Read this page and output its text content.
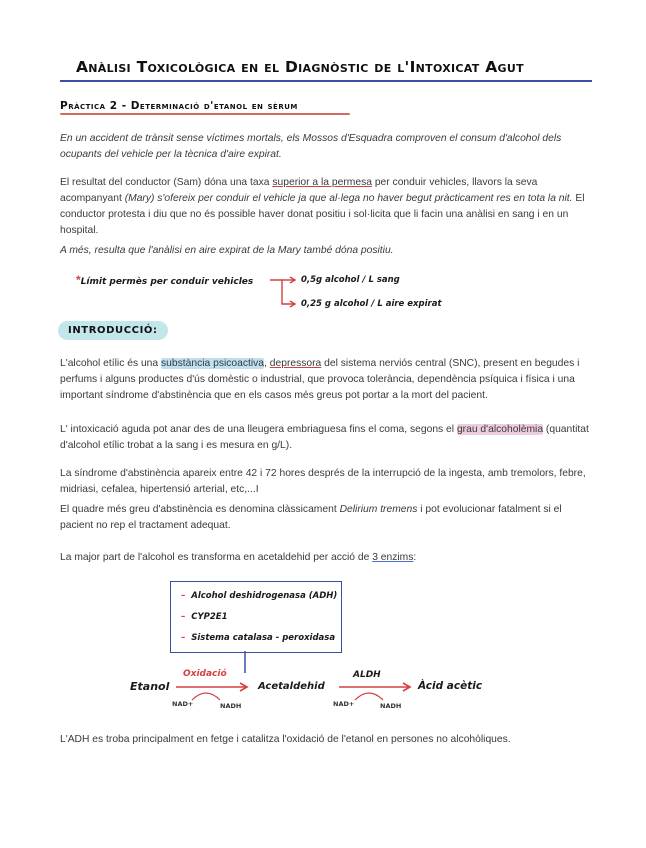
Anàlisi Toxicològica en el Diagnòstic de l'Intoxicat Agut
Pràctica 2 - Determinació d'etanol en sèrum
En un accident de trànsit sense víctimes mortals, els Mossos d'Esquadra comproven el consum d'alcohol dels ocupants del vehicle per la tècnica d'aire expirat.
El resultat del conductor (Sam) dóna una taxa superior a la permesa per conduir vehicles, llavors la seva acompanyant (Mary) s'ofereix per conduir el vehicle ja que al·lega no haver begut pràcticament res en tota la nit. El conductor protesta i diu que no és possible haver donat positiu i sol·licita que li facin una anàlisi en sang i en un hospital.
A més, resulta que l'anàlisi en aire expirat de la Mary també dóna positiu.
*Límit permès per conduir vehicles	0,5g alcohol / L sang
0,25 g alcohol / L aire expirat
INTRODUCCIÓ:
L'alcohol etílic és una substància psicoactiva, depressora del sistema nerviós central (SNC), present en begudes i perfums i alguns productes d'ús domèstic o industrial, que provoca tolerància, dependència psíquica i física i una important síndrome d'abstinència que en els casos més greus pot portar a la mort del pacient.
L' intoxicació aguda pot anar des de una lleugera embriaguesa fins el coma, segons el grau d'alcoholèmia (quantitat d'alcohol etílic trobat a la sang i es mesura en g/L).
La síndrome d'abstinència apareix entre 42 i 72 hores després de la interrupció de la ingesta, amb tremolors, febre, midriasi, cefalea, hipertensió arterial, etc,...I
El quadre més greu d'abstinència es denomina clàssicament Delirium tremens i pot evolucionar fatalment si el pacient no rep el tractament adequat.
La major part de l'alcohol es transforma en acetaldehid per acció de 3 enzims:
– Alcohol deshidrogenasa (ADH)
– CYP2E1
– Sistema catalasa - peroxidasa
Etanol
Oxidació
NAD+	NADH
Acetaldehid
ALDH
NAD+	NADH
Àcid acètic
L'ADH es troba principalment en fetge i catalitza l'oxidació de l'etanol en persones no alcohòliques.
